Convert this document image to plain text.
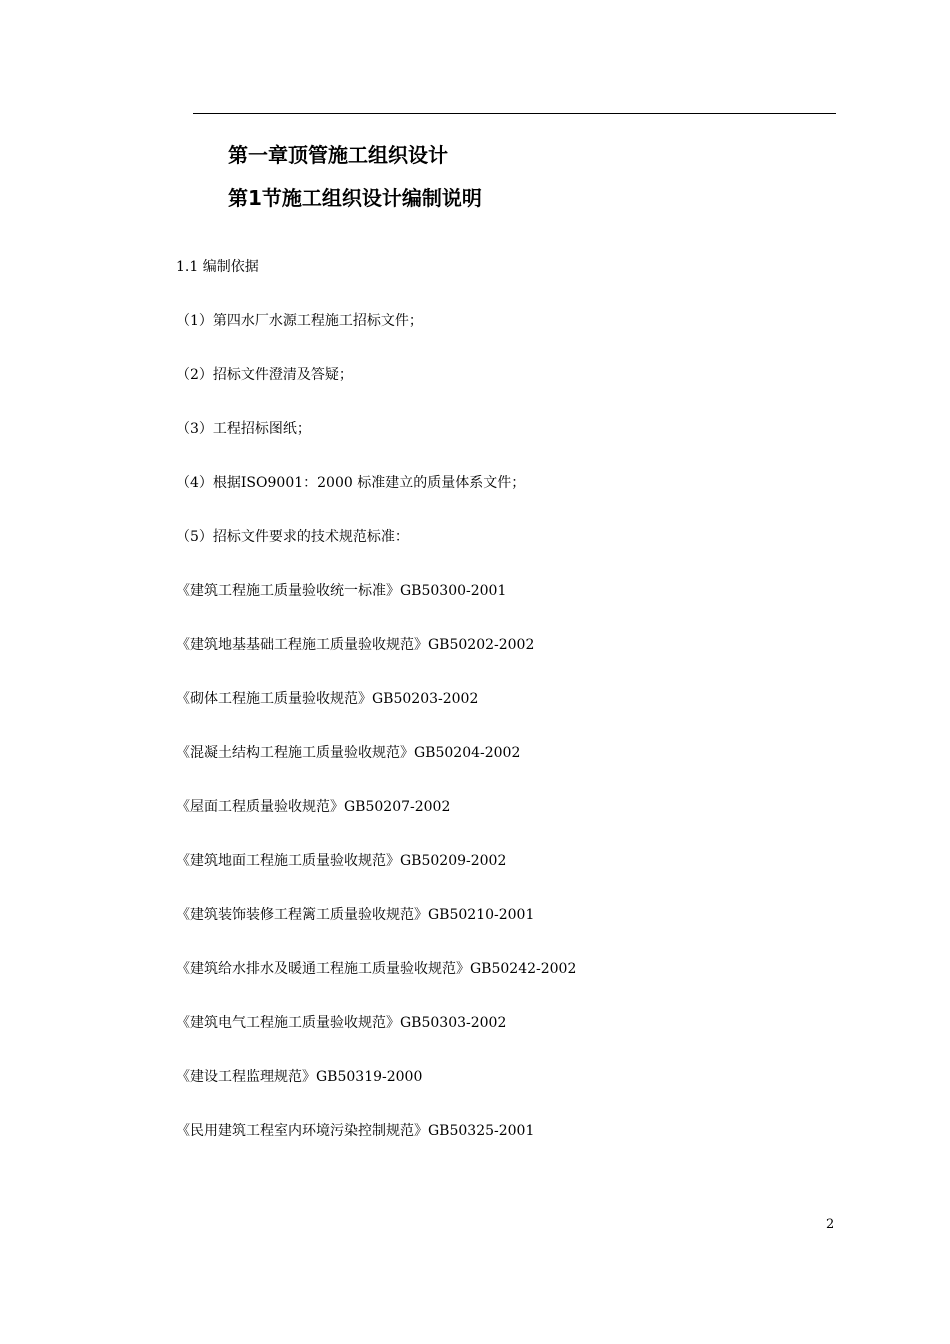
第一章顶管施工组织设计
第1节施工组织设计编制说明
1.1 编制依据
（1）第四水厂水源工程施工招标文件；
（2）招标文件澄清及答疑；
（3）工程招标图纸；
（4）根据ISO9001：2000 标准建立的质量体系文件；
（5）招标文件要求的技术规范标准：
《建筑工程施工质量验收统一标准》GB50300-2001
《建筑地基基础工程施工质量验收规范》GB50202-2002
《砌体工程施工质量验收规范》GB50203-2002
《混凝土结构工程施工质量验收规范》GB50204-2002
《屋面工程质量验收规范》GB50207-2002
《建筑地面工程施工质量验收规范》GB50209-2002
《建筑装饰装修工程篱工质量验收规范》GB50210-2001
《建筑给水排水及暖通工程施工质量验收规范》GB50242-2002
《建筑电气工程施工质量验收规范》GB50303-2002
《建设工程监理规范》GB50319-2000
《民用建筑工程室内环境污染控制规范》GB50325-2001
2
